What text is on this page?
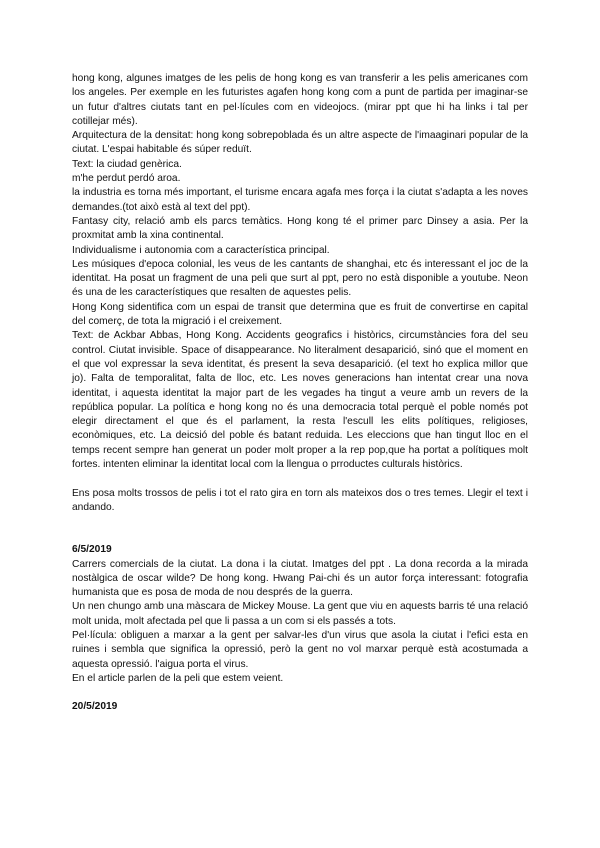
hong kong, algunes imatges de les pelis de hong kong es van transferir a les pelis americanes com los angeles. Per exemple en les futuristes agafen hong kong com a punt de partida per imaginar-se un futur d'altres ciutats tant en pel·lícules com en videojocs. (mirar ppt que hi ha links i tal per cotillejar més).

Arquitectura de la densitat: hong kong sobrepoblada és un altre aspecte de l'imaaginari popular de la ciutat. L'espai habitable és súper reduït.

Text: la ciudad genèrica.

m'he perdut perdó aroa.

la industria es torna més important, el turisme encara agafa mes força i la ciutat s'adapta a les noves demandes.(tot això està al text del ppt).

Fantasy city, relació amb els parcs temàtics. Hong kong té el primer parc Dinsey a asia. Per la proxmitat amb la xina continental.

Individualisme i autonomia com a característica principal.

Les músiques d'epoca colonial, les veus de les cantants de shanghai, etc és interessant el joc de la identitat. Ha posat un fragment de una peli que surt al ppt, pero no està disponible a youtube. Neon és una de les característiques que resalten de aquestes pelis.

Hong Kong sidentifica com un espai de transit que determina que es fruit de convertirse en capital del comerç, de tota la migració i el creixement.

Text: de Ackbar Abbas, Hong Kong. Accidents geografics i històrics, circumstàncies fora del seu control. Ciutat invisible. Space of disappearance. No literalment desaparició, sinó que el moment en el que vol expressar la seva identitat, és present la seva desaparició. (el text ho explica millor que jo). Falta de temporalitat, falta de lloc, etc. Les noves generacions han intentat crear una nova identitat, i aquesta identitat la major part de les vegades ha tingut a veure amb un revers de la república popular. La política e hong kong no és una democracia total perquè el poble només pot elegir directament el que és el parlament, la resta l'escull les elits polítiques, religioses, econòmiques, etc. La deicsió del poble és batant reduida. Les eleccions que han tingut lloc en el temps recent sempre han generat un poder molt proper a la rep pop,que ha portat a polítiques molt fortes. intenten eliminar la identitat local com la llengua o prroductes culturals històrics.

Ens posa molts trossos de pelis i tot el rato gira en torn als mateixos dos o tres temes. Llegir el text i andando.

6/5/2019

Carrers comercials de la ciutat. La dona i la ciutat. Imatges del ppt . La dona recorda a la mirada nostàlgica de oscar wilde? De hong kong. Hwang Pai-chi és un autor força interessant: fotografia humanista que es posa de moda de nou després de la guerra.

Un nen chungo amb una màscara de Mickey Mouse. La gent que viu en aquests barris té una relació molt unida, molt afectada pel que li passa a un com si els passés a tots.

Pel·lícula: obliguen a marxar a la gent per salvar-les d'un virus que asola la ciutat i l'efici esta en ruines i sembla que significa la opressió, però la gent no vol marxar perquè està acostumada a aquesta opressió. l'aigua porta el virus.

En el article parlen de la peli que estem veient.

20/5/2019
